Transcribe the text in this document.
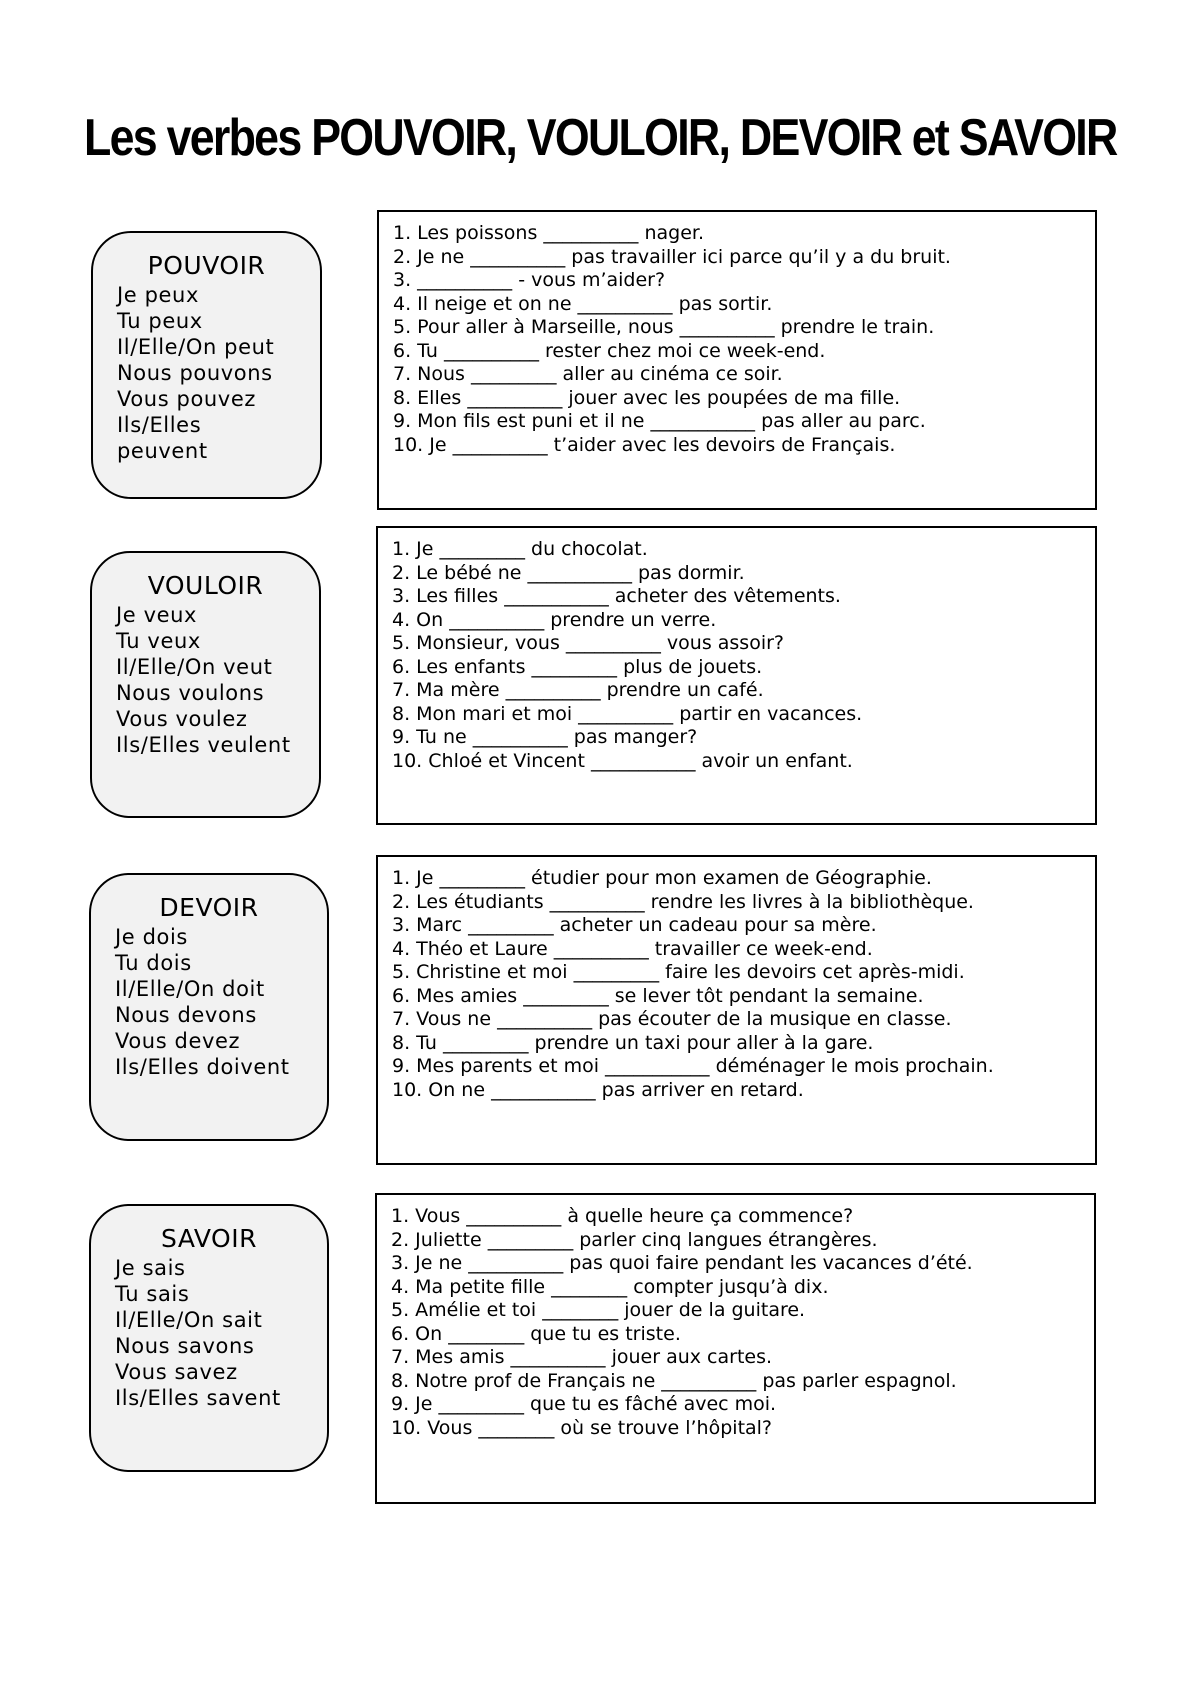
Les verbes POUVOIR, VOULOIR, DEVOIR et SAVOIR
POUVOIR
Je peux
Tu peux
Il/Elle/On peut
Nous pouvons
Vous pouvez
Ils/Elles
peuvent
1. Les poissons __________ nager.
2. Je ne __________ pas travailler ici parce qu’il y a du bruit.
3. __________ - vous m’aider?
4. Il neige et on ne __________ pas sortir.
5. Pour aller à Marseille, nous __________ prendre le train.
6. Tu __________ rester chez moi ce week-end.
7. Nous _________ aller au cinéma ce soir.
8. Elles __________ jouer avec les poupées de ma fille.
9. Mon fils est puni et il ne ___________ pas aller au parc.
10. Je __________ t’aider avec les devoirs de Français.
VOULOIR
Je veux
Tu veux
Il/Elle/On veut
Nous voulons
Vous voulez
Ils/Elles veulent
1. Je _________ du chocolat.
2. Le bébé ne ___________ pas dormir.
3. Les filles ___________ acheter des vêtements.
4. On __________ prendre un verre.
5. Monsieur, vous __________ vous assoir?
6. Les enfants _________ plus de jouets.
7. Ma mère __________ prendre un café.
8. Mon mari et moi __________ partir en vacances.
9. Tu ne __________ pas manger?
10. Chloé et Vincent ___________ avoir un enfant.
DEVOIR
Je dois
Tu dois
Il/Elle/On doit
Nous devons
Vous devez
Ils/Elles doivent
1. Je _________ étudier pour mon examen de Géographie.
2. Les étudiants __________ rendre les livres à la bibliothèque.
3. Marc _________ acheter un cadeau pour sa mère.
4. Théo et Laure __________ travailler ce week-end.
5. Christine et moi _________ faire les devoirs cet après-midi.
6. Mes amies _________ se lever tôt pendant la semaine.
7. Vous ne __________ pas écouter de la musique en classe.
8. Tu _________ prendre un taxi pour aller à la gare.
9. Mes parents et moi ___________ déménager le mois prochain.
10. On ne ___________ pas arriver en retard.
SAVOIR
Je sais
Tu sais
Il/Elle/On sait
Nous savons
Vous savez
Ils/Elles savent
1. Vous __________ à quelle heure ça commence?
2. Juliette _________ parler cinq langues étrangères.
3. Je ne __________ pas quoi faire pendant les vacances d’été.
4. Ma petite fille ________ compter jusqu’à dix.
5. Amélie et toi ________ jouer de la guitare.
6. On ________ que tu es triste.
7. Mes amis __________ jouer aux cartes.
8. Notre prof de Français ne __________ pas parler espagnol.
9. Je _________ que tu es fâché avec moi.
10. Vous ________ où se trouve l’hôpital?
